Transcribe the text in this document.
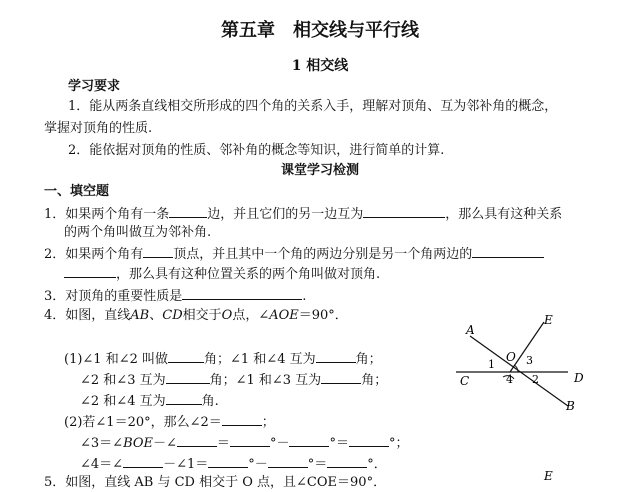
第五章　相交线与平行线
1 相交线
学习要求
1．能从两条直线相交所形成的四个角的关系入手，理解对顶角、互为邻补角的概念，
掌握对顶角的性质.
2．能依据对顶角的性质、邻补角的概念等知识，进行简单的计算.
课堂学习检测
一、填空题
1．如果两个角有一条	边，并且它们的另一边互为	，那么具有这种关系
的两个角叫做互为邻补角.
2．如果两个角有 顶点，并且其中一个角的两边分别是另一个角两边的
，那么具有这种位置关系的两个角叫做对顶角.
3．对顶角的重要性质是	.
4．如图，直线AB、CD相交于O点，∠AOE＝90°．
(1)∠1 和∠2 叫做	角；∠1 和∠4 互为	角；
∠2 和∠3 互为	角；∠1 和∠3 互为	角；
∠2 和∠4 互为	角.
(2)若∠1＝20°，那么∠2＝	；
∠3＝∠BOE－∠	＝	°－	°＝	°；
∠4＝∠	－∠1＝	°－	°＝	°．
5．如图，直线 AB 与 CD 相交于 O 点，且∠COE＝90°．
A
E
C	D
B
O
1
2
3
4
E
